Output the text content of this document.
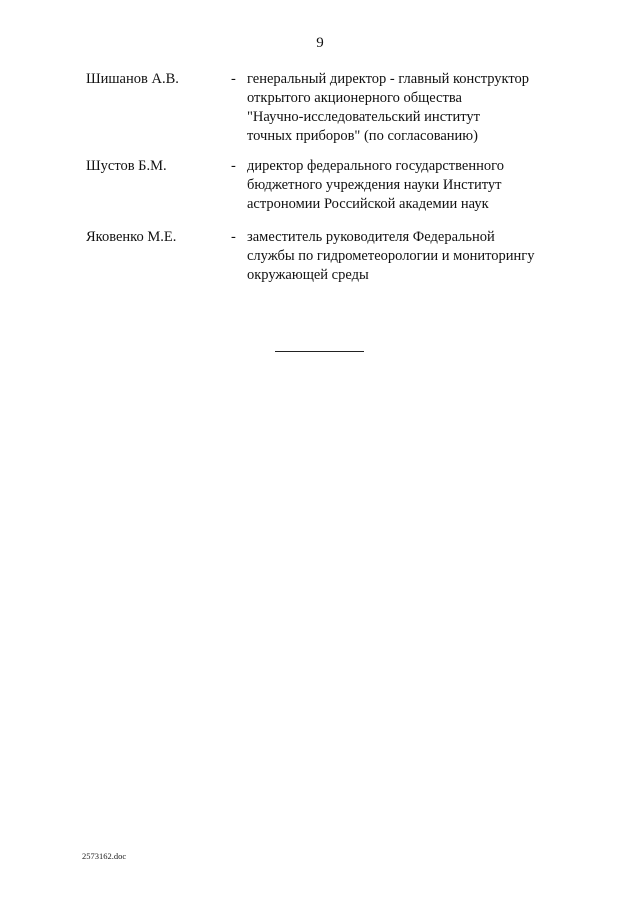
9
Шишанов А.В.	- генеральный директор - главный конструктор
открытого акционерного общества
"Научно-исследовательский институт
точных приборов" (по согласованию)
Шустов Б.М.	- директор федерального государственного
бюджетного учреждения науки Институт
астрономии Российской академии наук
Яковенко М.Е.	- заместитель руководителя Федеральной
службы по гидрометеорологии и мониторингу
окружающей среды
2573162.doc
